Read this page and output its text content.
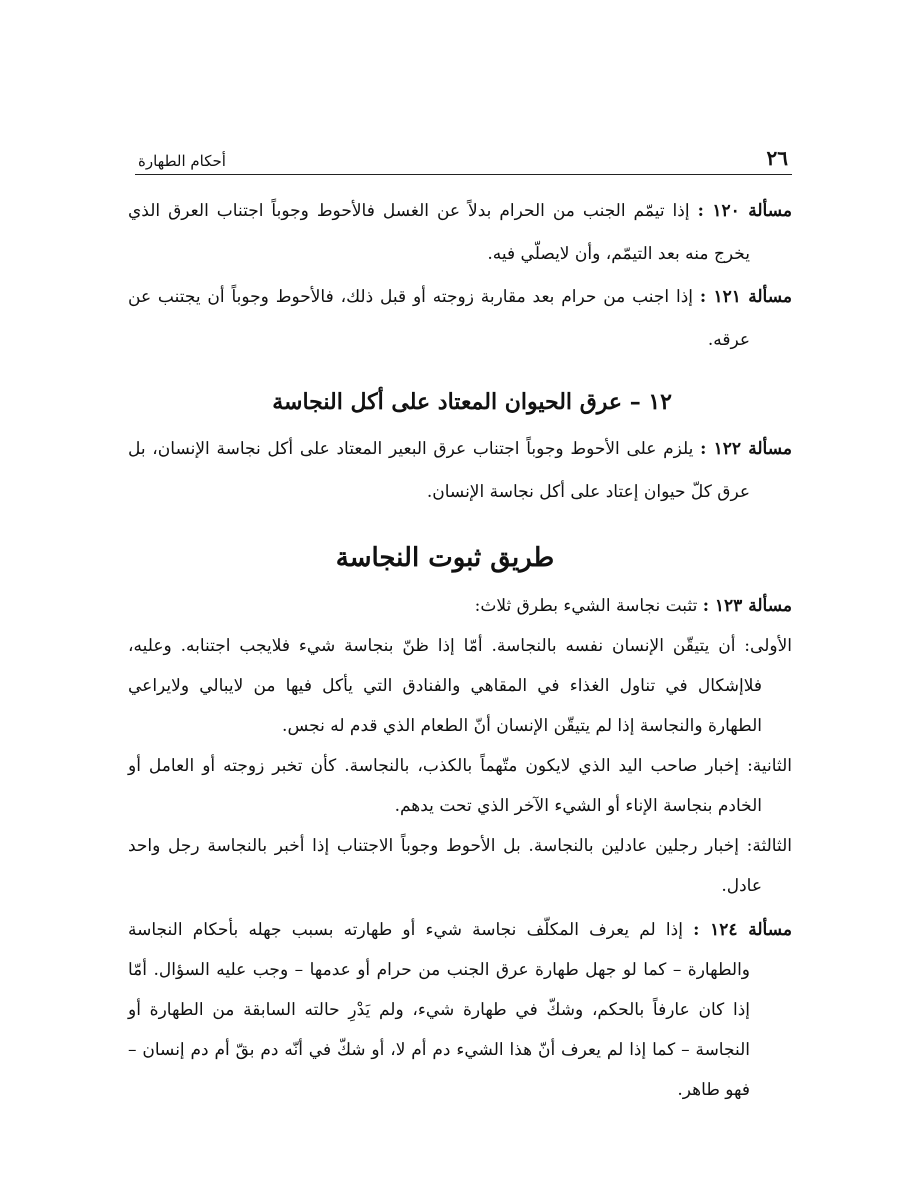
أحكام الطهارة	٢٦

مسألة ١٢٠ : إذا تيمّم الجنب من الحرام بدلاً عن الغسل فالأحوط وجوباً اجتناب العرق الذي يخرج منه بعد التيمّم، وأن لايصلّي فيه.

مسألة ١٢١ : إذا اجنب من حرام بعد مقاربة زوجته أو قبل ذلك، فالأحوط وجوباً أن يجتنب عن عرقه.

١٢ – عرق الحيوان المعتاد على أكل النجاسة

مسألة ١٢٢ : يلزم على الأحوط وجوباً اجتناب عرق البعير المعتاد على أكل نجاسة الإنسان، بل عرق كلّ حيوان إعتاد على أكل نجاسة الإنسان.

طريق ثبوت النجاسة

مسألة ١٢٣ : تثبت نجاسة الشيء بطرق ثلاث:

الأولى: أن يتيقّن الإنسان نفسه بالنجاسة. أمّا إذا ظنّ بنجاسة شيء فلايجب اجتنابه. وعليه، فلاإشكال في تناول الغذاء في المقاهي والفنادق التي يأكل فيها من لايبالي ولايراعي الطهارة والنجاسة إذا لم يتيقّن الإنسان أنّ الطعام الذي قدم له نجس.

الثانية: إخبار صاحب اليد الذي لايكون متّهماً بالكذب، بالنجاسة. كأن تخبر زوجته أو العامل أو الخادم بنجاسة الإناء أو الشيء الآخر الذي تحت يدهم.

الثالثة: إخبار رجلين عادلين بالنجاسة. بل الأحوط وجوباً الاجتناب إذا أخبر بالنجاسة رجل واحد عادل.

مسألة ١٢٤ : إذا لم يعرف المكلّف نجاسة شيء أو طهارته بسبب جهله بأحكام النجاسة والطهارة – كما لو جهل طهارة عرق الجنب من حرام أو عدمها – وجب عليه السؤال. أمّا إذا كان عارفاً بالحكم، وشكّ في طهارة شيء، ولم يَدْرِ حالته السابقة من الطهارة أو النجاسة – كما إذا لم يعرف أنّ هذا الشيء دم أم لا، أو شكّ في أنّه دم بقّ أم دم إنسان – فهو طاهر.
